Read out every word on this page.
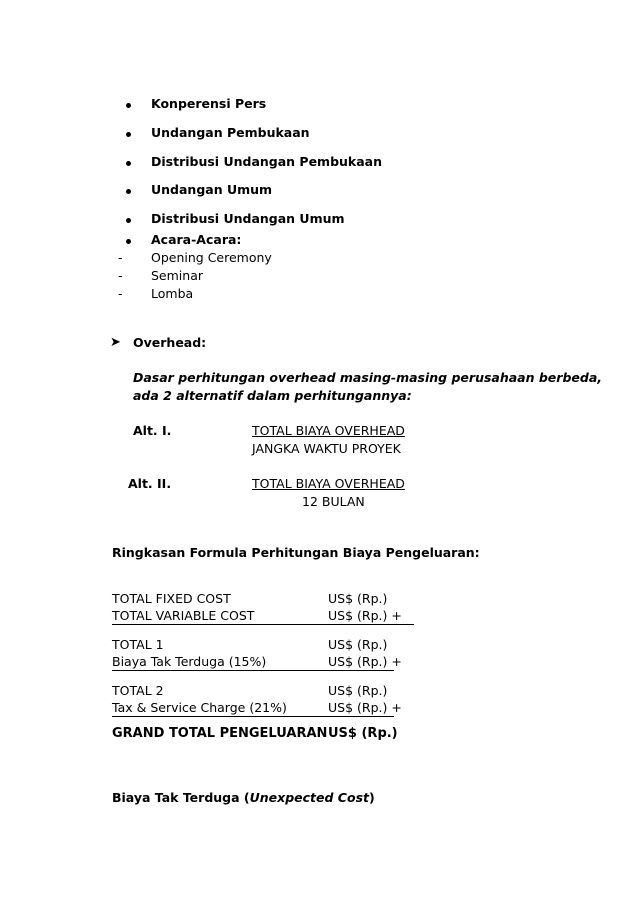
Konperensi Pers
Undangan Pembukaan
Distribusi Undangan Pembukaan
Undangan Umum
Distribusi Undangan Umum
Acara-Acara:
- Opening Ceremony
- Seminar
- Lomba
➤ Overhead:
Dasar perhitungan overhead masing-masing perusahaan berbeda,
ada 2 alternatif dalam perhitungannya:
Alt. I.	TOTAL BIAYA OVERHEAD
JANGKA WAKTU PROYEK
Alt. II.	TOTAL BIAYA OVERHEAD
12 BULAN
Ringkasan Formula Perhitungan Biaya Pengeluaran:
TOTAL FIXED COST	US$ (Rp.)
TOTAL VARIABLE COST	US$ (Rp.) +
TOTAL 1	US$ (Rp.)
Biaya Tak Terduga (15%)	US$ (Rp.) +
TOTAL 2	US$ (Rp.)
Tax & Service Charge (21%)	US$ (Rp.) +
GRAND TOTAL PENGELUARAN US$ (Rp.)
Biaya Tak Terduga (Unexpected Cost)
